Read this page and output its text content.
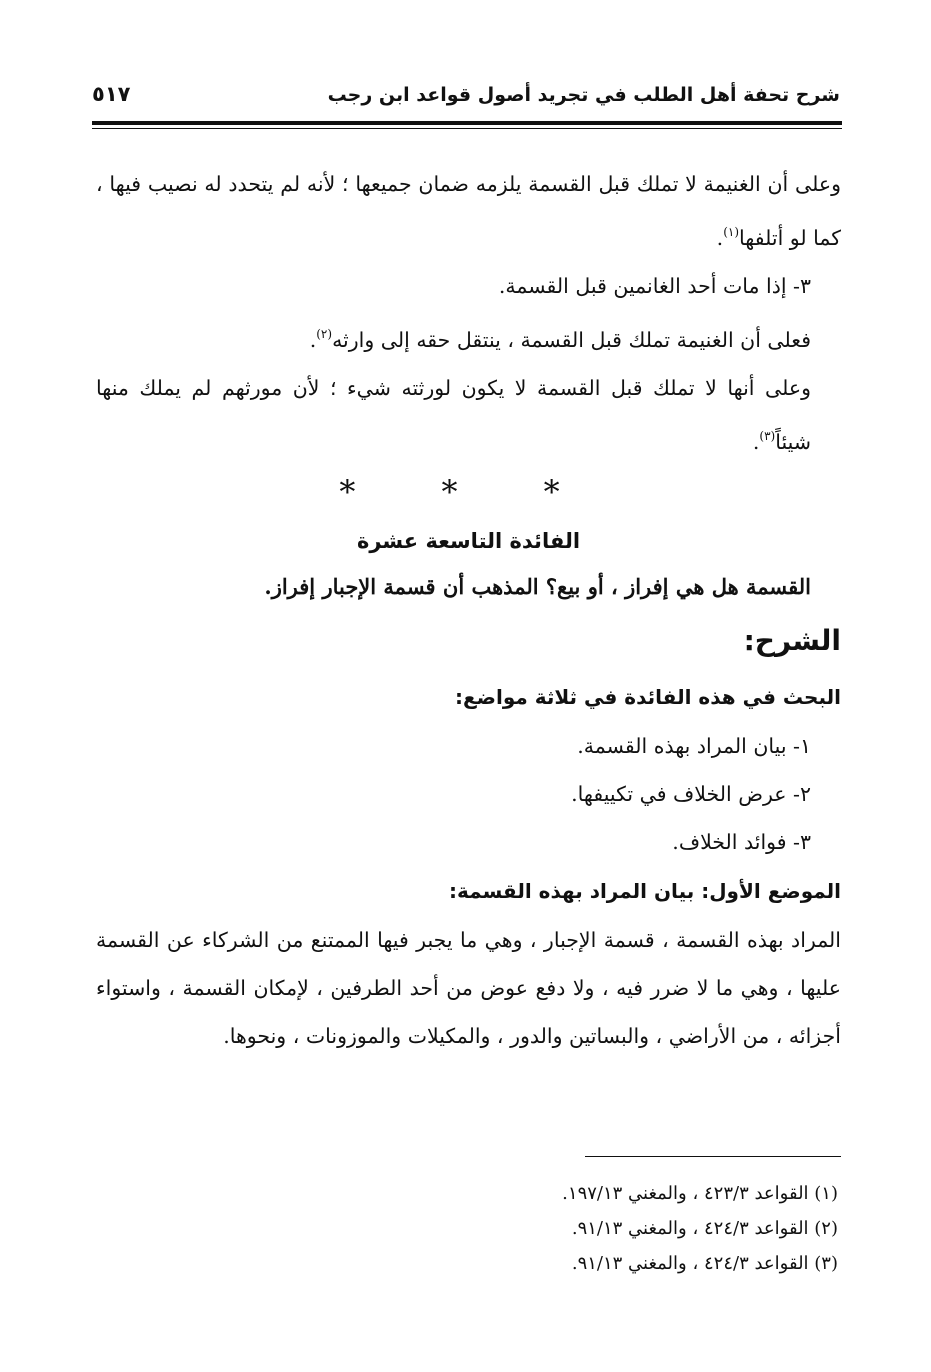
شرح تحفة أهل الطلب في تجريد أصول قواعد ابن رجب
٥١٧

وعلى أن الغنيمة لا تملك قبل القسمة يلزمه ضمان جميعها ؛ لأنه لم يتحدد له نصيب فيها ، كما لو أتلفها$^{(١)}$.

٣- إذا مات أحد الغانمين قبل القسمة.

فعلى أن الغنيمة تملك قبل القسمة ، ينتقل حقه إلى وارثه$^{(٢)}$.

وعلى أنها لا تملك قبل القسمة لا يكون لورثته شيء ؛ لأن مورثهم لم يملك منها شيئاً$^{(٣)}$.

* * *

الفائدة التاسعة عشرة

القسمة هل هي إفراز ، أو بيع؟ المذهب أن قسمة الإجبار إفراز.

الشرح:

البحث في هذه الفائدة في ثلاثة مواضع:

١- بيان المراد بهذه القسمة.

٢- عرض الخلاف في تكييفها.

٣- فوائد الخلاف.

الموضع الأول: بيان المراد بهذه القسمة:

المراد بهذه القسمة ، قسمة الإجبار ، وهي ما يجبر فيها الممتنع من الشركاء عن القسمة عليها ، وهي ما لا ضرر فيه ، ولا دفع عوض من أحد الطرفين ، لإمكان القسمة ، واستواء أجزائه ، من الأراضي ، والبساتين والدور ، والمكيلات والموزونات ، ونحوها.

(١) القواعد ٤٢٣/٣ ، والمغني ١٩٧/١٣.

(٢) القواعد ٤٢٤/٣ ، والمغني ٩١/١٣.

(٣) القواعد ٤٢٤/٣ ، والمغني ٩١/١٣.
